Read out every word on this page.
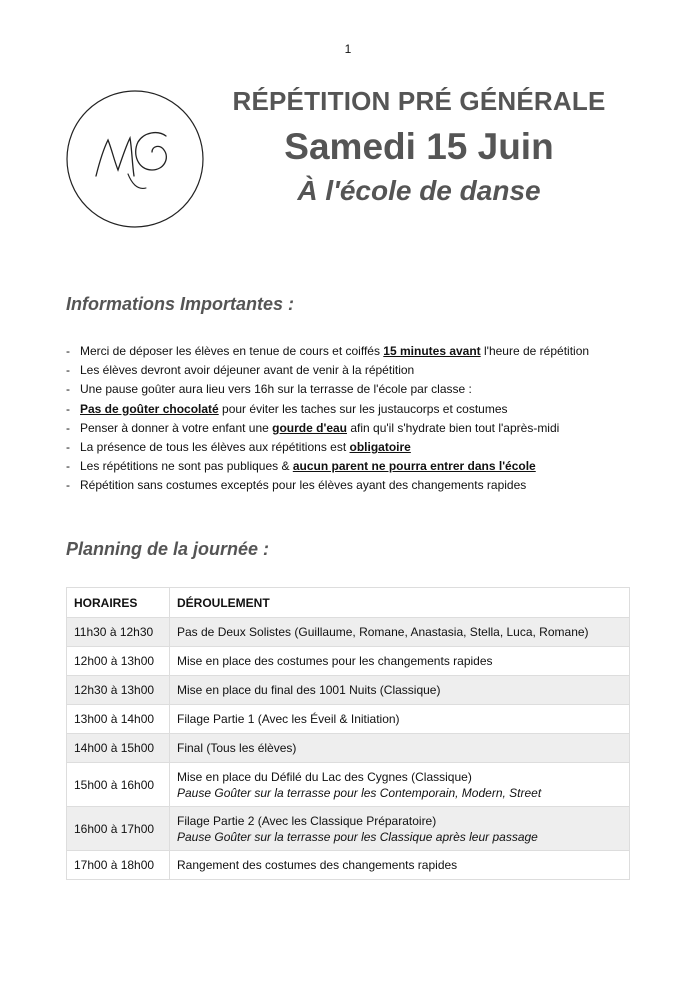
1
RÉPÉTITION PRÉ GÉNÉRALE
Samedi 15 Juin
À l'école de danse
Informations Importantes :
- Merci de déposer les élèves en tenue de cours et coiffés 15 minutes avant l'heure de répétition
- Les élèves devront avoir déjeuner avant de venir à la répétition
- Une pause goûter aura lieu vers 16h sur la terrasse de l'école par classe :
- Pas de goûter chocolaté pour éviter les taches sur les justaucorps et costumes
- Penser à donner à votre enfant une gourde d'eau afin qu'il s'hydrate bien tout l'après-midi
- La présence de tous les élèves aux répétitions est obligatoire
- Les répétitions ne sont pas publiques & aucun parent ne pourra entrer dans l'école
- Répétition sans costumes exceptés pour les élèves ayant des changements rapides
Planning de la journée :
HORAIRES	DÉROULEMENT
11h30 à 12h30	Pas de Deux Solistes (Guillaume, Romane, Anastasia, Stella, Luca, Romane)
12h00 à 13h00	Mise en place des costumes pour les changements rapides
12h30 à 13h00	Mise en place du final des 1001 Nuits (Classique)
13h00 à 14h00	Filage Partie 1 (Avec les Éveil & Initiation)
14h00 à 15h00	Final (Tous les élèves)
15h00 à 16h00	Mise en place du Défilé du Lac des Cygnes (Classique)
Pause Goûter sur la terrasse pour les Contemporain, Modern, Street

16h00 à 17h00	Filage Partie 2 (Avec les Classique Préparatoire)
Pause Goûter sur la terrasse pour les Classique après leur passage

17h00 à 18h00	Rangement des costumes des changements rapides
